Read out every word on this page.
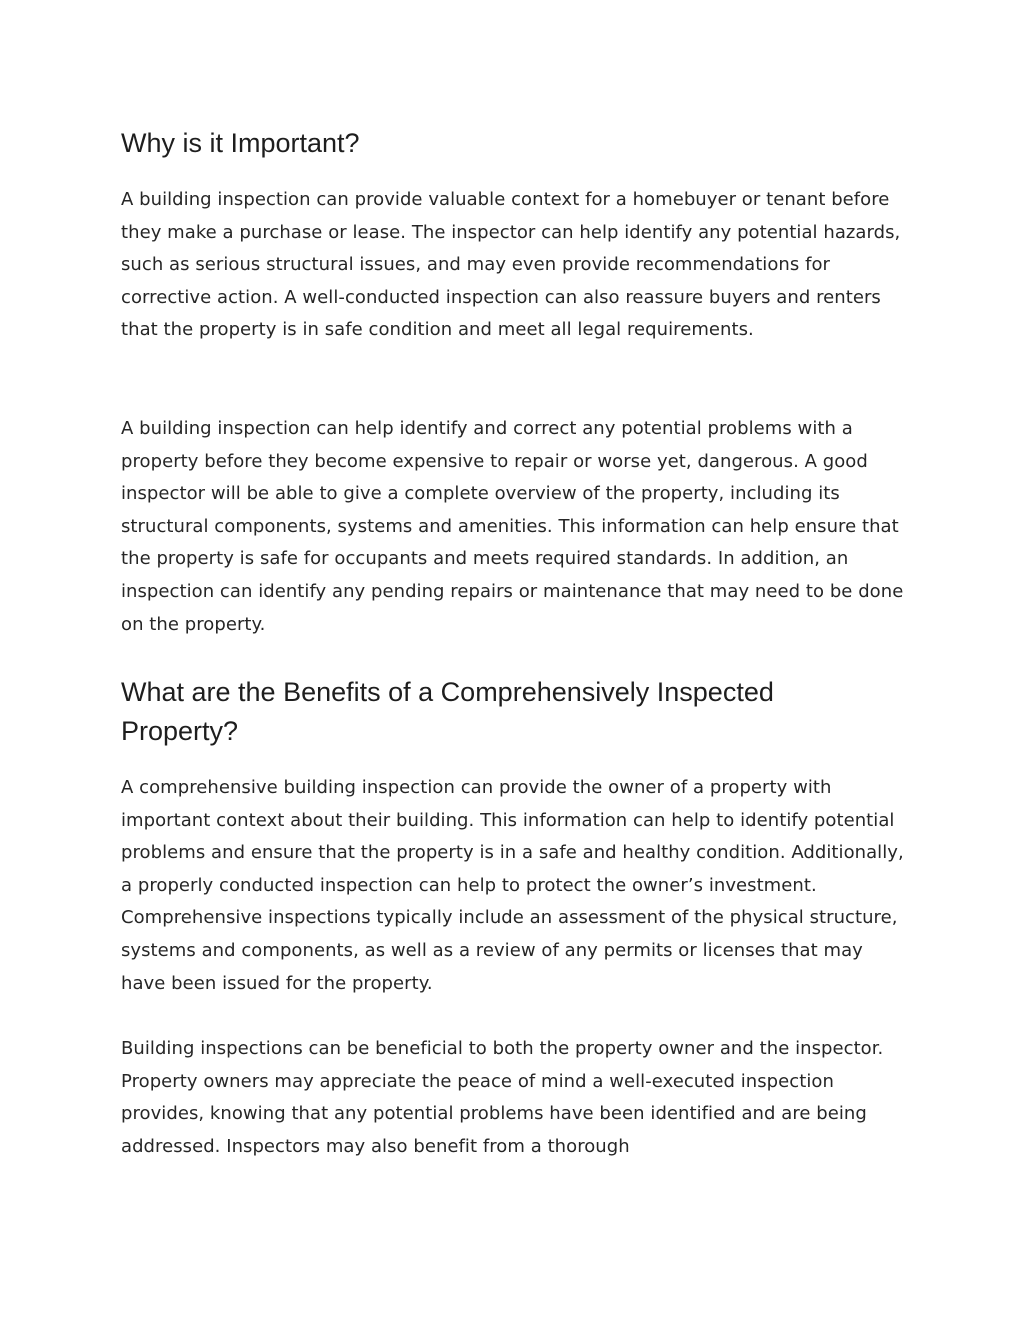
Why is it Important?

A building inspection can provide valuable context for a homebuyer or tenant before they make a purchase or lease. The inspector can help identify any potential hazards, such as serious structural issues, and may even provide recommendations for corrective action. A well-conducted inspection can also reassure buyers and renters that the property is in safe condition and meet all legal requirements.

A building inspection can help identify and correct any potential problems with a property before they become expensive to repair or worse yet, dangerous. A good inspector will be able to give a complete overview of the property, including its structural components, systems and amenities. This information can help ensure that the property is safe for occupants and meets required standards. In addition, an inspection can identify any pending repairs or maintenance that may need to be done on the property.

What are the Benefits of a Comprehensively Inspected Property?

A comprehensive building inspection can provide the owner of a property with important context about their building. This information can help to identify potential problems and ensure that the property is in a safe and healthy condition. Additionally, a properly conducted inspection can help to protect the owner’s investment. Comprehensive inspections typically include an assessment of the physical structure, systems and components, as well as a review of any permits or licenses that may have been issued for the property.

Building inspections can be beneficial to both the property owner and the inspector. Property owners may appreciate the peace of mind a well-executed inspection provides, knowing that any potential problems have been identified and are being addressed. Inspectors may also benefit from a thorough
